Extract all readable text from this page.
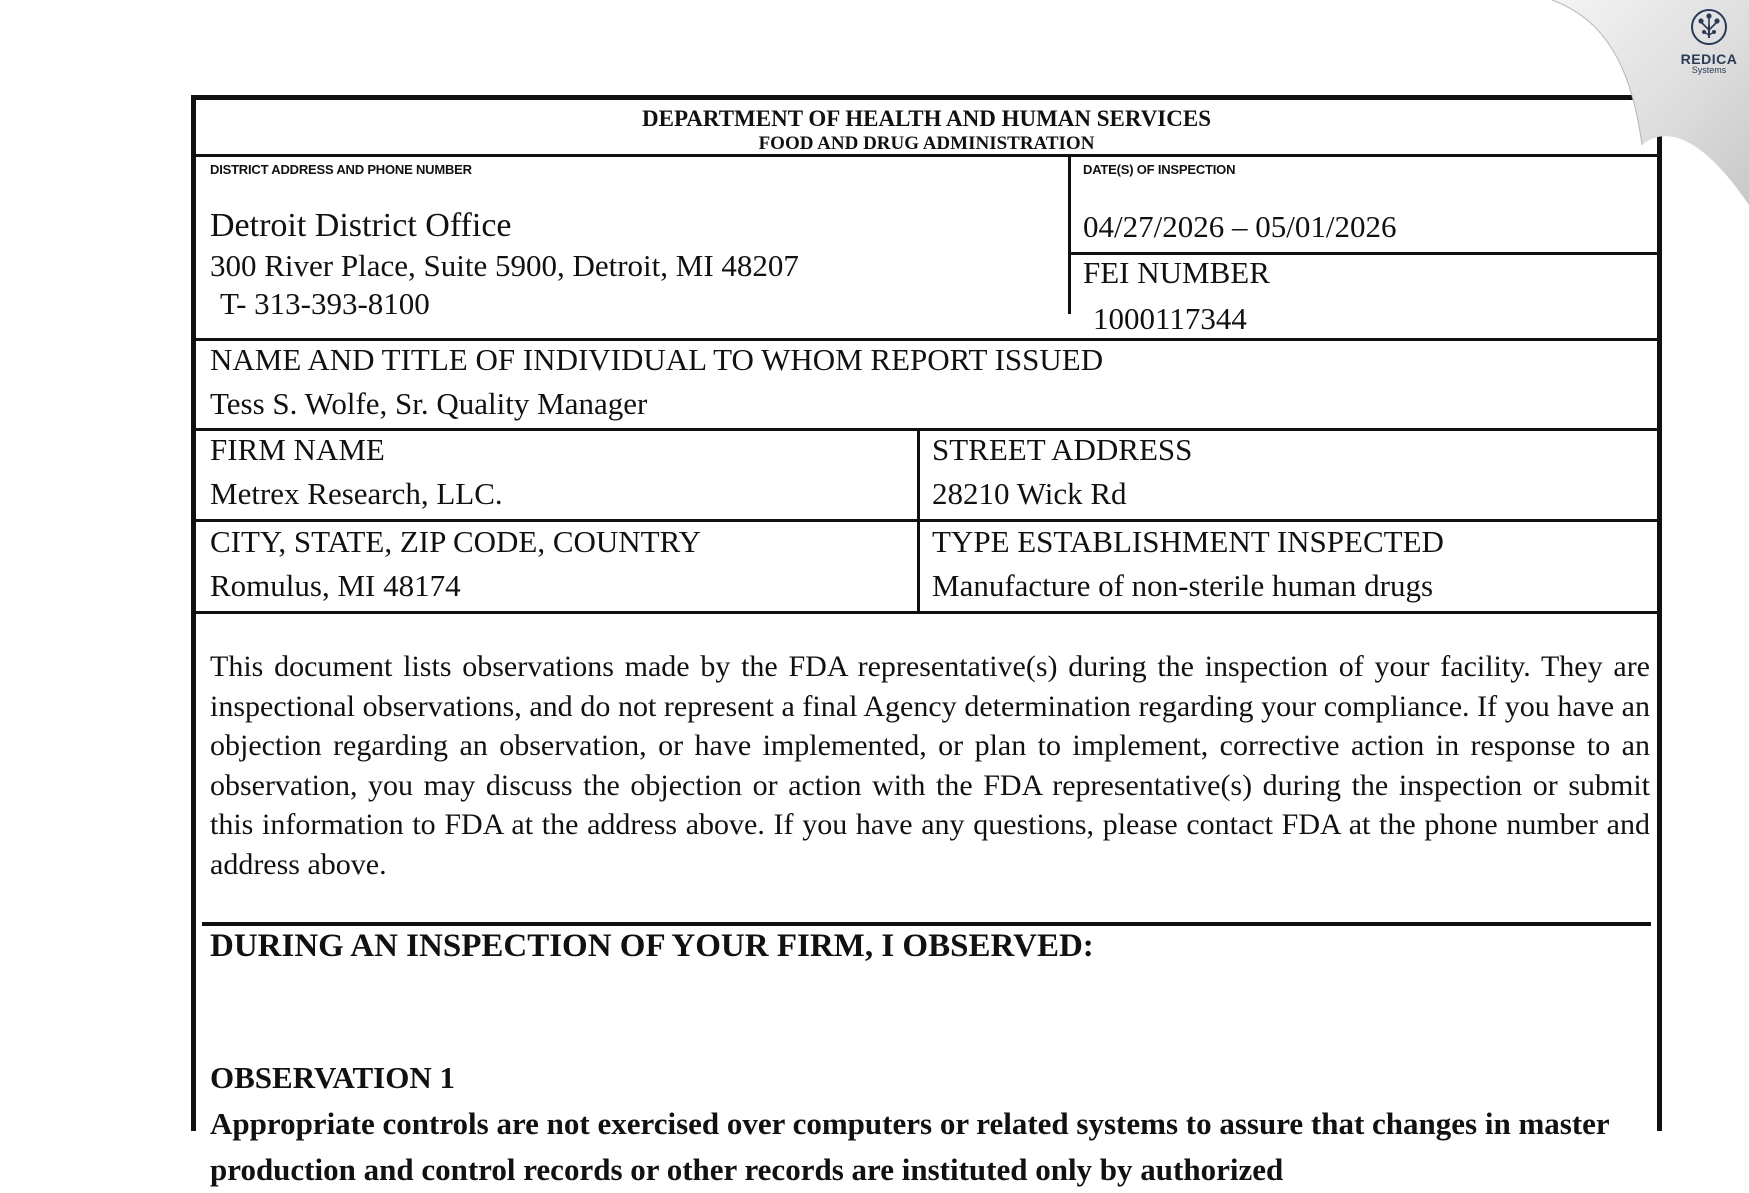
DEPARTMENT OF HEALTH AND HUMAN SERVICES
FOOD AND DRUG ADMINISTRATION
DISTRICT ADDRESS AND PHONE NUMBER
Detroit District Office
300 River Place, Suite 5900, Detroit, MI 48207
T- 313-393-8100
DATE(S) OF INSPECTION
04/27/2026 – 05/01/2026
FEI NUMBER
1000117344
NAME AND TITLE OF INDIVIDUAL TO WHOM REPORT ISSUED
Tess S. Wolfe, Sr. Quality Manager
FIRM NAME
Metrex Research, LLC.
STREET ADDRESS
28210 Wick Rd
CITY, STATE, ZIP CODE, COUNTRY
Romulus, MI 48174
TYPE ESTABLISHMENT INSPECTED
Manufacture of non-sterile human drugs
This document lists observations made by the FDA representative(s) during the inspection of your facility. They are inspectional observations, and do not represent a final Agency determination regarding your compliance. If you have an objection regarding an observation, or have implemented, or plan to implement, corrective action in response to an observation, you may discuss the objection or action with the FDA representative(s) during the inspection or submit this information to FDA at the address above. If you have any questions, please contact FDA at the phone number and address above.
DURING AN INSPECTION OF YOUR FIRM, I OBSERVED:
OBSERVATION 1
Appropriate controls are not exercised over computers or related systems to assure that changes in master production and control records or other records are instituted only by authorized
REDICA
Systems
